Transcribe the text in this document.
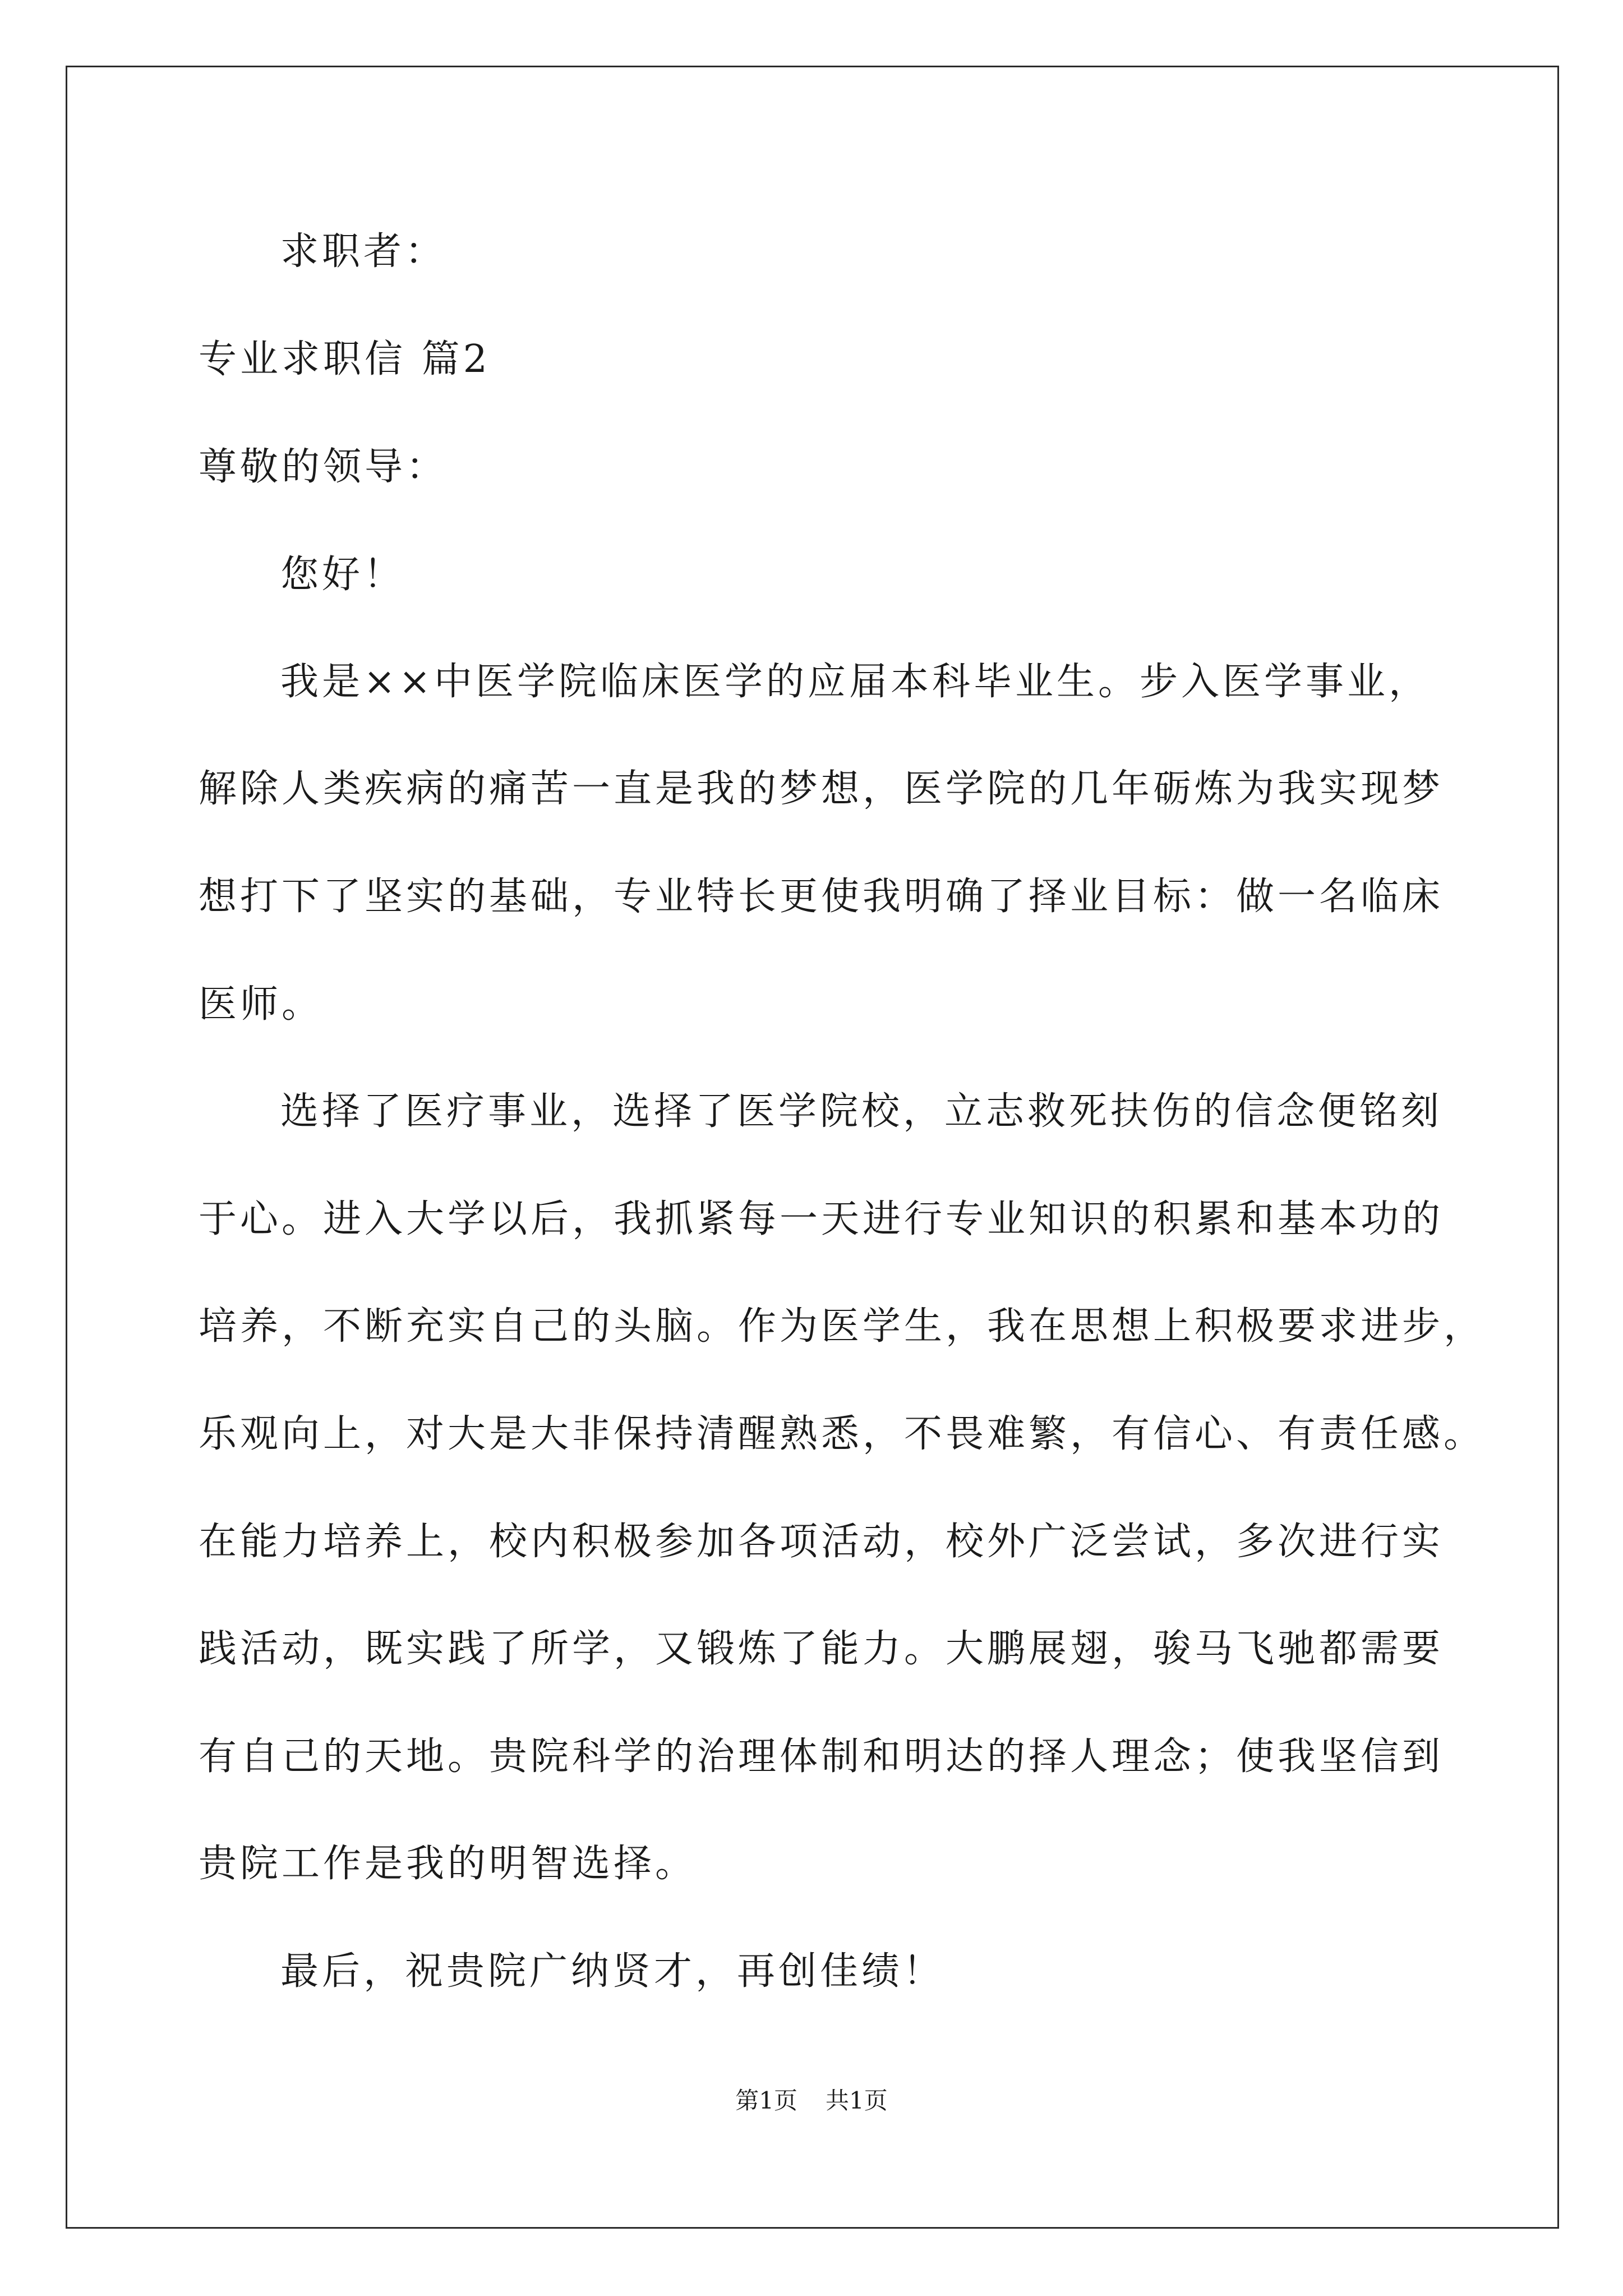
求职者：
专业求职信 篇2
尊敬的领导：
您好！
我是××中医学院临床医学的应届本科毕业生。步入医学事业，
解除人类疾病的痛苦一直是我的梦想，医学院的几年砺炼为我实现梦
想打下了坚实的基础，专业特长更使我明确了择业目标：做一名临床
医师。
选择了医疗事业，选择了医学院校，立志救死扶伤的信念便铭刻
于心。进入大学以后，我抓紧每一天进行专业知识的积累和基本功的
培养，不断充实自己的头脑。作为医学生，我在思想上积极要求进步，
乐观向上，对大是大非保持清醒熟悉，不畏难繁，有信心、有责任感。
在能力培养上，校内积极参加各项活动，校外广泛尝试，多次进行实
践活动，既实践了所学，又锻炼了能力。大鹏展翅，骏马飞驰都需要
有自己的天地。贵院科学的治理体制和明达的择人理念；使我坚信到
贵院工作是我的明智选择。
最后，祝贵院广纳贤才，再创佳绩！
第1页 共1页
